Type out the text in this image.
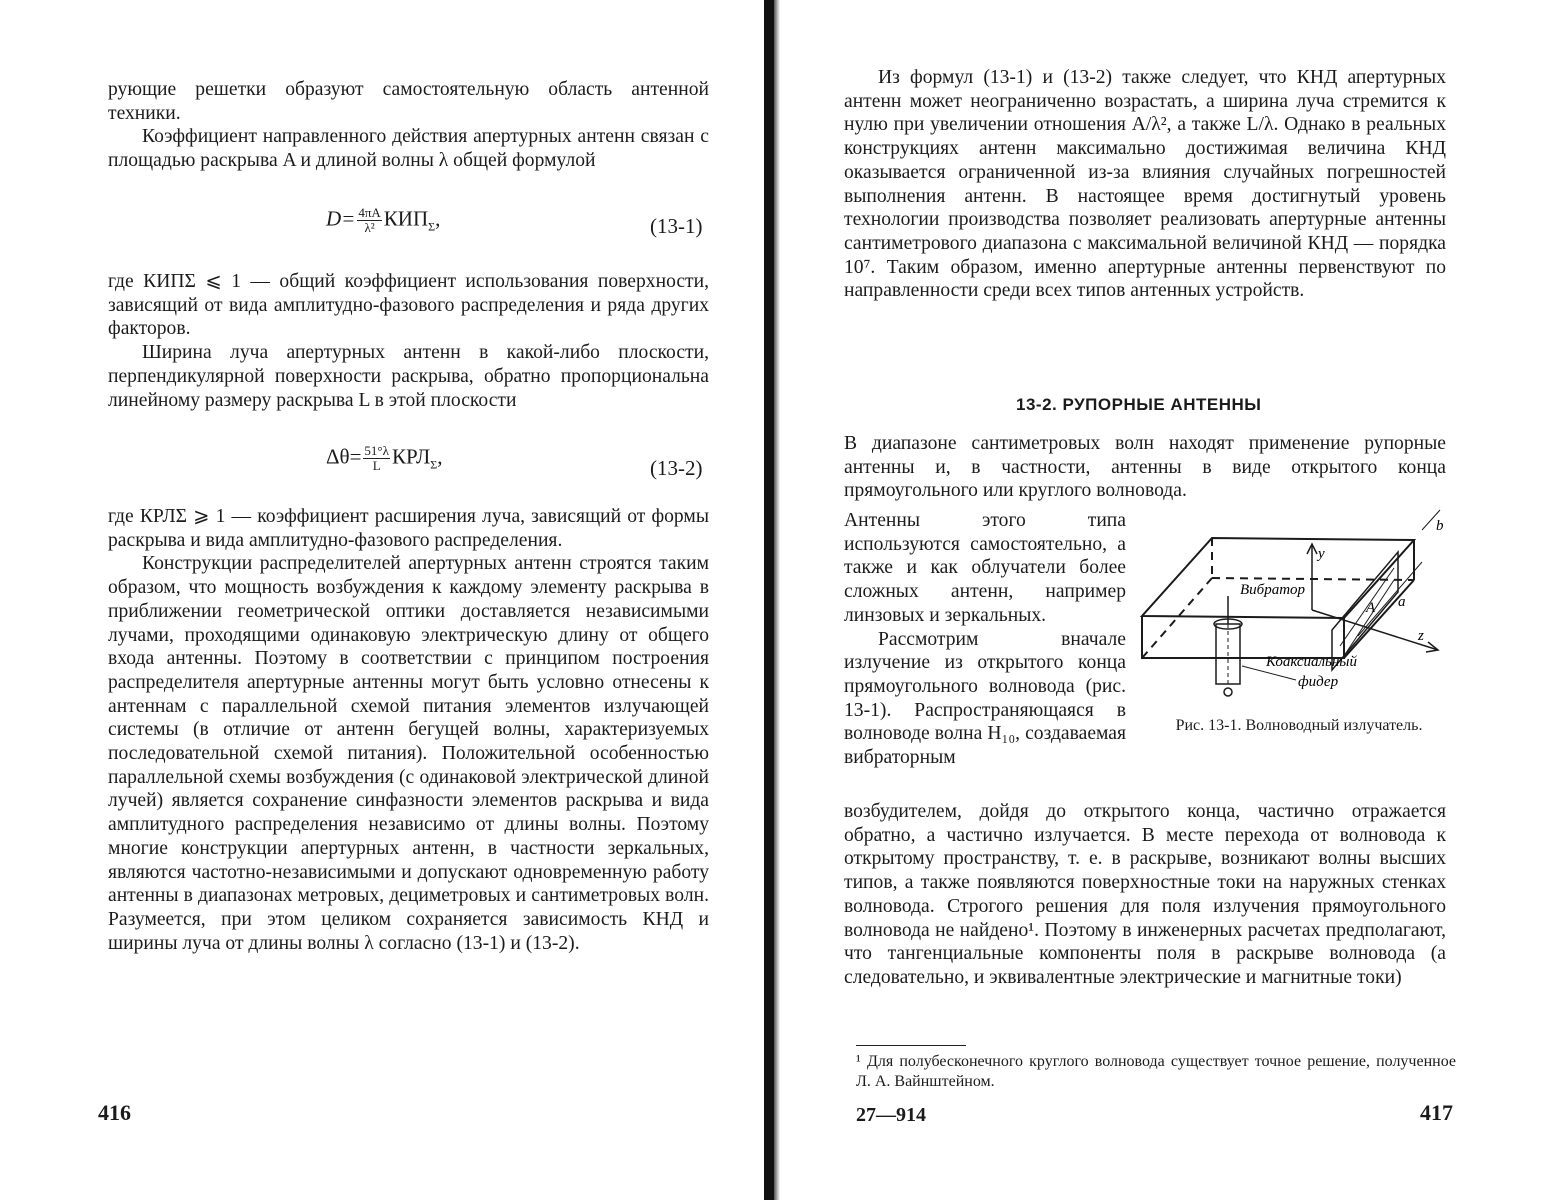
рующие решетки образуют самостоятельную область антенной техники.

Коэффициент направленного действия апертурных антенн связан с площадью раскрыва A и длиной волны λ общей формулой

$D= \frac{4\pi A}{\text{λ²}} КИП_\Sigma$,	(13-1)

где КИПΣ ⩽ 1 — общий коэффициент использования поверхности, зависящий от вида амплитудно-фазового распределения и ряда других факторов.

Ширина луча апертурных антенн в какой-либо плоскости, перпендикулярной поверхности раскрыва, обратно пропорциональна линейному размеру раскрыва L в этой плоскости

$\Delta\theta= \frac{51^\circ\lambda}{L} КРЛ_\Sigma$,	(13-2)

где КРЛΣ ⩾ 1 — коэффициент расширения луча, зависящий от формы раскрыва и вида амплитудно-фазового распределения.

Конструкции распределителей апертурных антенн строятся таким образом, что мощность возбуждения к каждому элементу раскрыва в приближении геометрической оптики доставляется независимыми лучами, проходящими одинаковую электрическую длину от общего входа антенны. Поэтому в соответствии с принципом построения распределителя апертурные антенны могут быть условно отнесены к антеннам с параллельной схемой питания элементов излучающей системы (в отличие от антенн бегущей волны, характеризуемых последовательной схемой питания). Положительной особенностью параллельной схемы возбуждения (с одинаковой электрической длиной лучей) является сохранение синфазности элементов раскрыва и вида амплитудного распределения независимо от длины волны. Поэтому многие конструкции апертурных антенн, в частности зеркальных, являются частотно-независимыми и допускают одновременную работу антенны в диапазонах метровых, дециметровых и сантиметровых волн. Разумеется, при этом целиком сохраняется зависимость КНД и ширины луча от длины волны λ согласно (13-1) и (13-2).

416

Из формул (13-1) и (13-2) также следует, что КНД апертурных антенн может неограниченно возрастать, а ширина луча стремится к нулю при увеличении отношения A/λ², а также L/λ. Однако в реальных конструкциях антенн максимально достижимая величина КНД оказывается ограниченной из-за влияния случайных погрешностей выполнения антенн. В настоящее время достигнутый уровень технологии производства позволяет реализовать апертурные антенны сантиметрового диапазона с максимальной величиной КНД — порядка 10⁷. Таким образом, именно апертурные антенны первенствуют по направленности среди всех типов антенных устройств.

13-2. РУПОРНЫЕ АНТЕННЫ

В диапазоне сантиметровых волн находят применение рупорные антенны и, в частности, антенны в виде открытого конца прямоугольного или круглого волновода.

Антенны этого типа используются самостоятельно, а также и как облучатели более сложных антенн, например линзовых и зеркальных.

Рассмотрим вначале излучение из открытого конца прямоугольного волновода (рис. 13-1). Распространяющаяся в волноводе волна H₁₀, создаваемая вибраторным

Вибратор
y
z
A a
b
Коаксиальный
фидер
Рис. 13-1. Волноводный излучатель.

возбудителем, дойдя до открытого конца, частично отражается обратно, а частично излучается. В месте перехода от волновода к открытому пространству, т. е. в раскрыве, возникают волны высших типов, а также появляются поверхностные токи на наружных стенках волновода. Строгого решения для поля излучения прямоугольного волновода не найдено¹. Поэтому в инженерных расчетах предполагают, что тангенциальные компоненты поля в раскрыве волновода (а следовательно, и эквивалентные электрические и магнитные токи)

¹ Для полубесконечного круглого волновода существует точное решение, полученное Л. А. Вайнштейном.
27—914	417
